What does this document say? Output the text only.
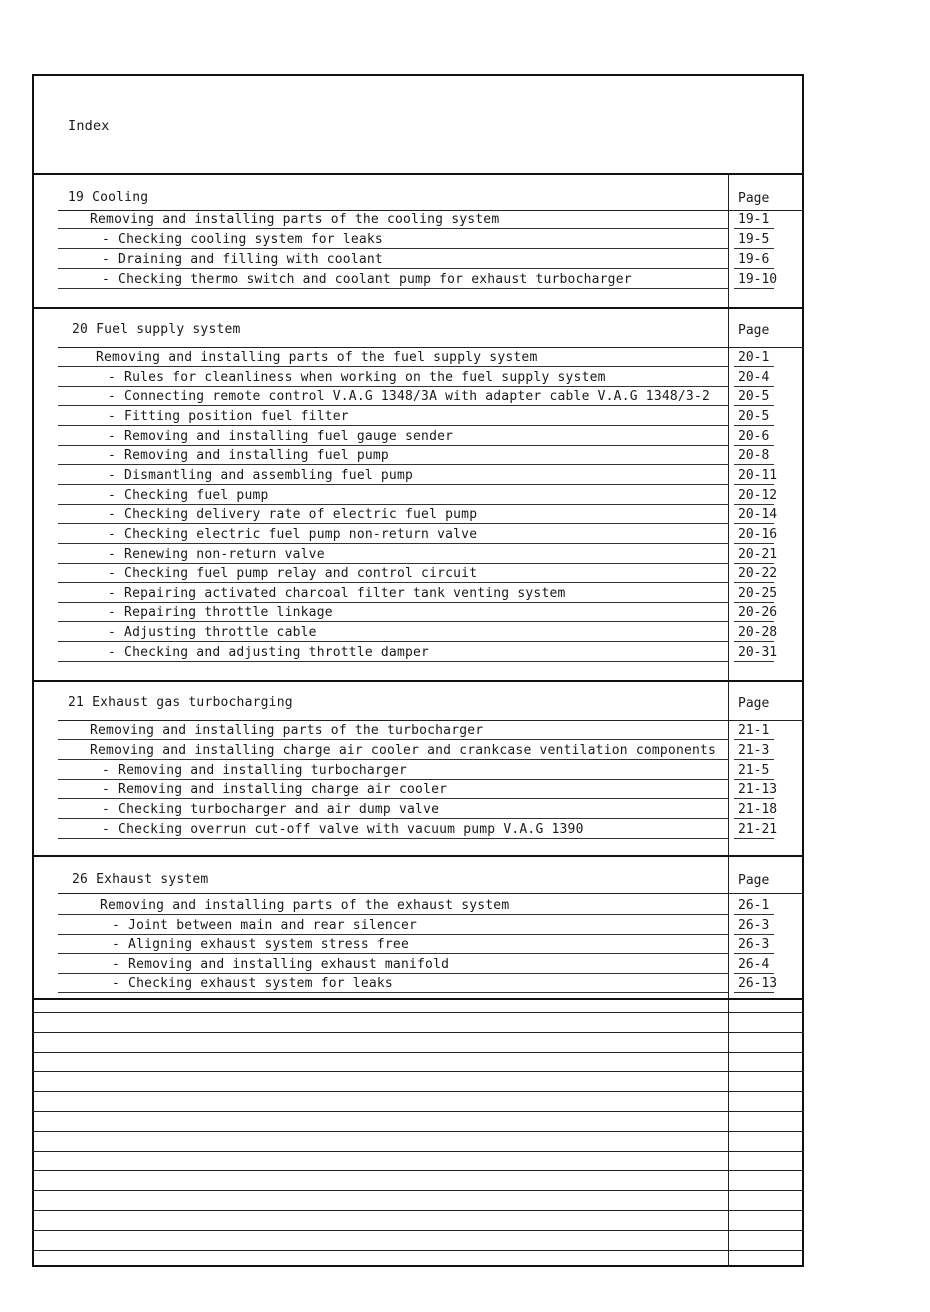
Index
19 Cooling	Page
Removing and installing parts of the cooling system	19-1
- Checking cooling system for leaks	19-5
- Draining and filling with coolant	19-6
- Checking thermo switch and coolant pump for exhaust turbocharger	19-10
20 Fuel supply system	Page
Removing and installing parts of the fuel supply system	20-1
- Rules for cleanliness when working on the fuel supply system	20-4
- Connecting remote control V.A.G 1348/3A with adapter cable V.A.G 1348/3-2 20-5
- Fitting position fuel filter	20-5
- Removing and installing fuel gauge sender	20-6
- Removing and installing fuel pump	20-8
- Dismantling and assembling fuel pump	20-11
- Checking fuel pump	20-12
- Checking delivery rate of electric fuel pump	20-14
- Checking electric fuel pump non-return valve	20-16
- Renewing non-return valve	20-21
- Checking fuel pump relay and control circuit	20-22
- Repairing activated charcoal filter tank venting system	20-25
- Repairing throttle linkage	20-26
- Adjusting throttle cable	20-28
- Checking and adjusting throttle damper	20-31
21 Exhaust gas turbocharging	Page
Removing and installing parts of the turbocharger	21-1
Removing and installing charge air cooler and crankcase ventilation components 21-3
- Removing and installing turbocharger	21-5
- Removing and installing charge air cooler	21-13
- Checking turbocharger and air dump valve	21-18
- Checking overrun cut-off valve with vacuum pump V.A.G 1390	21-21
26 Exhaust system	Page
Removing and installing parts of the exhaust system	26-1
- Joint between main and rear silencer	26-3
- Aligning exhaust system stress free	26-3
- Removing and installing exhaust manifold	26-4
- Checking exhaust system for leaks	26-13
